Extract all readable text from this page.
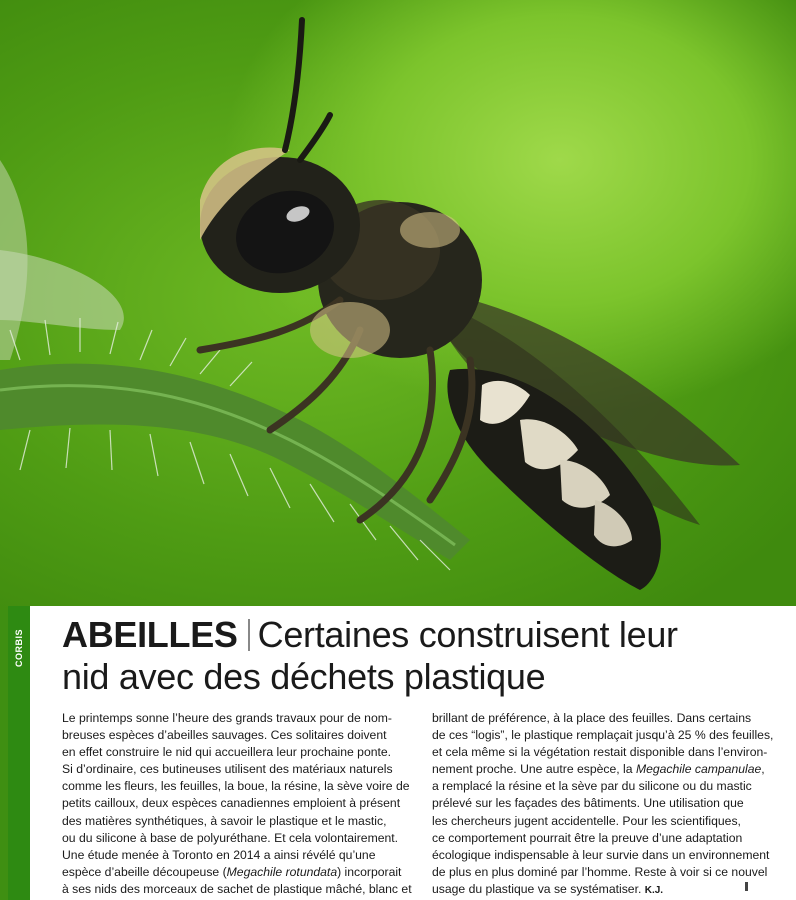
CORBIS ABEILLES Certaines construisent leur
nid avec des déchets plastique
Le printemps sonne l’heure des grands travaux pour de nom-
breuses espèces d’abeilles sauvages. Ces solitaires doivent
en effet construire le nid qui accueillera leur prochaine ponte.
Si d’ordinaire, ces butineuses utilisent des matériaux naturels
comme les fleurs, les feuilles, la boue, la résine, la sève voire de
petits cailloux, deux espèces canadiennes emploient à présent
des matières synthétiques, à savoir le plastique et le mastic,
ou du silicone à base de polyuréthane. Et cela volontairement.
Une étude menée à Toronto en 2014 a ainsi révélé qu’une
espèce d’abeille découpeuse (Megachile rotundata) incorporait
à ses nids des morceaux de sachet de plastique mâché, blanc et
brillant de préférence, à la place des feuilles. Dans certains
de ces “logis”, le plastique remplaçait jusqu’à 25 % des feuilles,
et cela même si la végétation restait disponible dans l’environ-
nement proche. Une autre espèce, la Megachile campanulae,
a remplacé la résine et la sève par du silicone ou du mastic
prélevé sur les façades des bâtiments. Une utilisation que
les chercheurs jugent accidentelle. Pour les scientifiques,
ce comportement pourrait être la preuve d’une adaptation
écologique indispensable à leur survie dans un environnement
de plus en plus dominé par l’homme. Reste à voir si ce nouvel
usage du plastique va se systématiser. K.J.
